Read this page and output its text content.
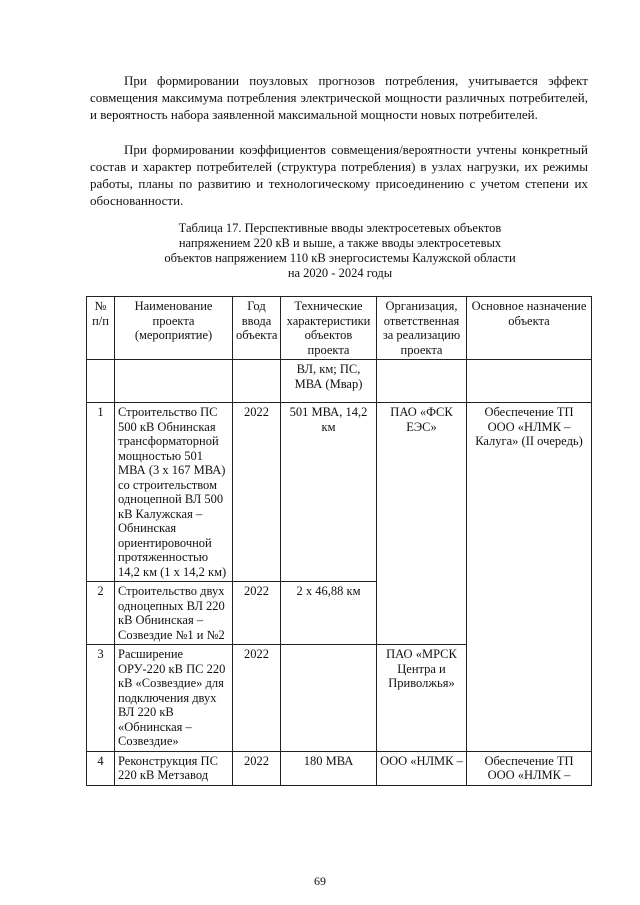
При формировании поузловых прогнозов потребления, учитывается эффект совмещения максимума потребления электрической мощности различных потребителей, и вероятность набора заявленной максимальной мощности новых потребителей.

При формировании коэффициентов совмещения/вероятности учтены конкретный состав и характер потребителей (структура потребления) в узлах нагрузки, их режимы работы, планы по развитию и технологическому присоединению с учетом степени их обоснованности.

Таблица 17. Перспективные вводы электросетевых объектов
напряжением 220 кВ и выше, а также вводы электросетевых
объектов напряжением 110 кВ энергосистемы Калужской области
на 2020 - 2024 годы
№ п/п	Наименование проекта (мероприятие)	Год ввода объекта	Технические характеристики объектов проекта	Организация, ответственная за реализацию проекта	Основное назначение объекта
			ВЛ, км; ПС, МВА (Мвар)		
1	Строительство ПС 500 кВ Обнинская трансформаторной мощностью 501 МВА (3 х 167 МВА) со строительством одноцепной ВЛ 500 кВ Калужская – Обнинская ориентировочной протяженностью 14,2 км (1 х 14,2 км)	2022	501 МВА, 14,2 км	ПАО «ФСК ЕЭС»	Обеспечение ТП ООО «НЛМК – Калуга» (II очередь)
2	Строительство двух одноцепных ВЛ 220 кВ Обнинская – Созвездие №1 и №2	2022	2 х 46,88 км		
3	Расширение ОРУ-220 кВ ПС 220 кВ «Созвездие» для подключения двух ВЛ 220 кВ «Обнинская – Созвездие»	2022		ПАО «МРСК Центра и Приволжья»	
4	Реконструкция ПС 220 кВ Метзавод	2022	180 МВА	ООО «НЛМК –	Обеспечение ТП ООО «НЛМК –
69
